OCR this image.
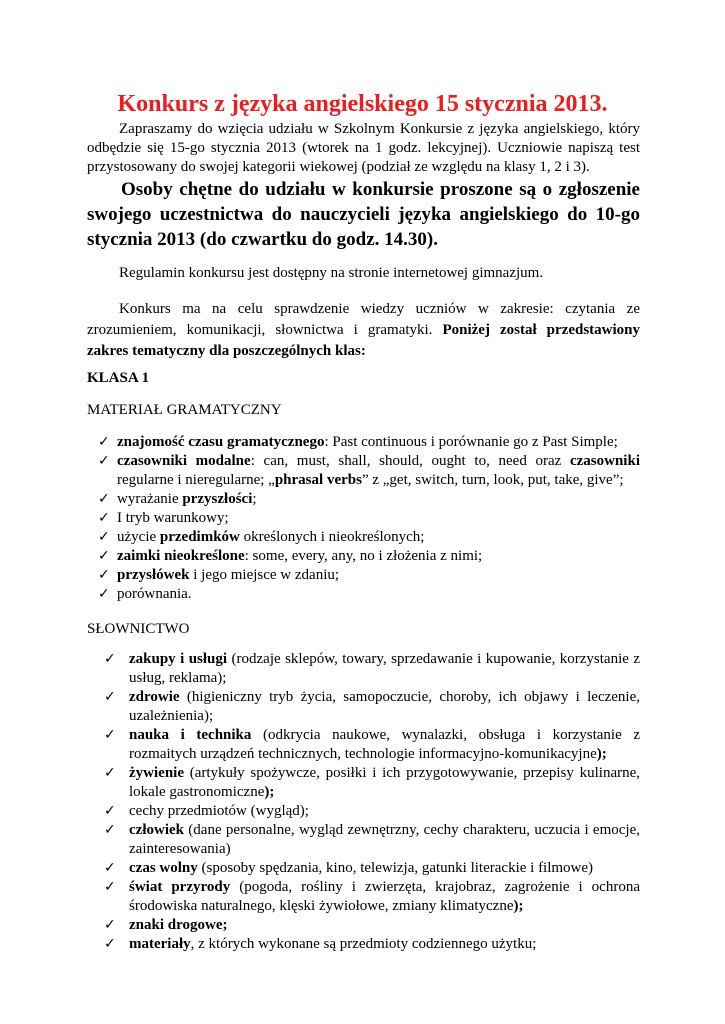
Konkurs z języka angielskiego 15 stycznia 2013.
Zapraszamy do wzięcia udziału w Szkolnym Konkursie z języka angielskiego, który odbędzie się 15-go stycznia 2013 (wtorek na 1 godz. lekcyjnej). Uczniowie napiszą test przystosowany do swojej kategorii wiekowej (podział ze względu na klasy 1, 2 i 3).
Osoby chętne do udziału w konkursie proszone są o zgłoszenie swojego uczestnictwa do nauczycieli języka angielskiego do 10-go stycznia 2013 (do czwartku do godz. 14.30).
Regulamin konkursu jest dostępny na stronie internetowej gimnazjum.
Konkurs ma na celu sprawdzenie wiedzy uczniów w zakresie: czytania ze zrozumieniem, komunikacji, słownictwa i gramatyki. Poniżej został przedstawiony zakres tematyczny dla poszczególnych klas:
KLASA 1
MATERIAŁ GRAMATYCZNY
✓ znajomość czasu gramatycznego: Past continuous i porównanie go z Past Simple;
✓ czasowniki modalne: can, must, shall, should, ought to, need oraz czasowniki regularne i nieregularne; „phrasal verbs” z „get, switch, turn, look, put, take, give”;
✓ wyrażanie przyszłości;
✓ I tryb warunkowy;
✓ użycie przedimków określonych i nieokreślonych;
✓ zaimki nieokreślone: some, every, any, no i złożenia z nimi;
✓ przysłówek i jego miejsce w zdaniu;
✓ porównania.
SŁOWNICTWO
✓ zakupy i usługi (rodzaje sklepów, towary, sprzedawanie i kupowanie, korzystanie z usług, reklama);
✓ zdrowie (higieniczny tryb życia, samopoczucie, choroby, ich objawy i leczenie, uzależnienia);
✓ nauka i technika (odkrycia naukowe, wynalazki, obsługa i korzystanie z rozmaitych urządzeń technicznych, technologie informacyjno-komunikacyjne);
✓ żywienie (artykuły spożywcze, posiłki i ich przygotowywanie, przepisy kulinarne, lokale gastronomiczne);
✓ cechy przedmiotów (wygląd);
✓ człowiek (dane personalne, wygląd zewnętrzny, cechy charakteru, uczucia i emocje, zainteresowania)
✓ czas wolny (sposoby spędzania, kino, telewizja, gatunki literackie i filmowe)
✓ świat przyrody (pogoda, rośliny i zwierzęta, krajobraz, zagrożenie i ochrona środowiska naturalnego, klęski żywiołowe, zmiany klimatyczne);
✓ znaki drogowe;
✓ materiały, z których wykonane są przedmioty codziennego użytku;
